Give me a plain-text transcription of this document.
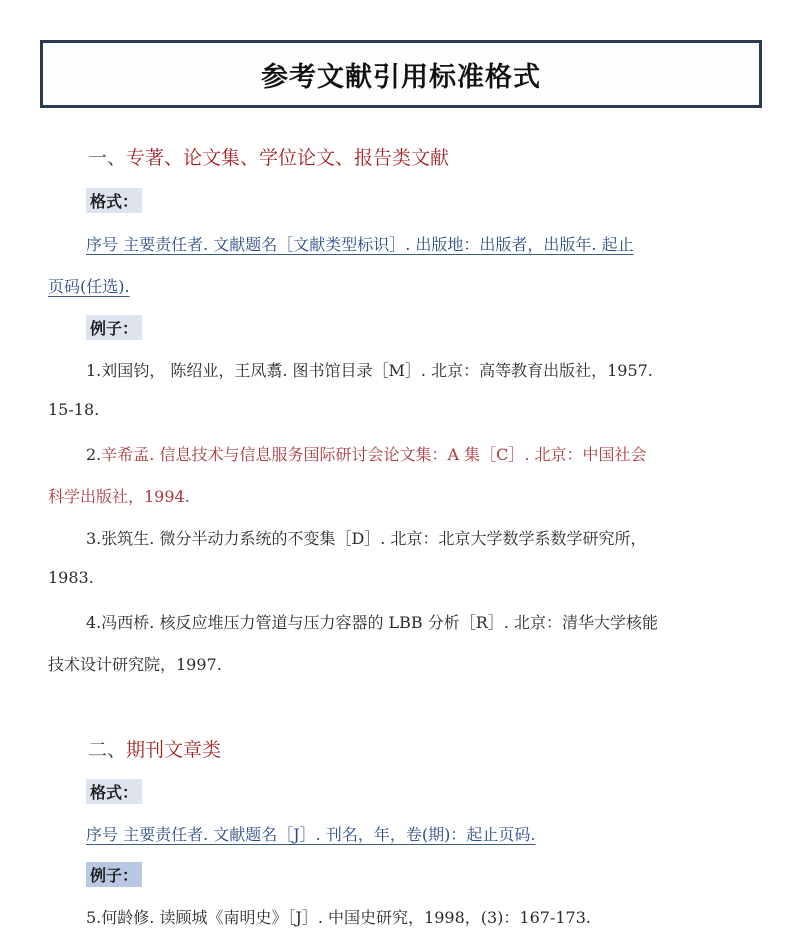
参考文献引用标准格式
一、专著、论文集、学位论文、报告类文献
格式：
序号 主要责任者. 文献题名［文献类型标识］. 出版地：出版者，出版年. 起止
页码(任选).
例子：
1.刘国钧， 陈绍业，王凤翥. 图书馆目录［M］. 北京：高等教育出版社，1957.
15-18.
2.辛希孟. 信息技术与信息服务国际研讨会论文集：A 集［C］. 北京：中国社会
科学出版社，1994.
3.张筑生. 微分半动力系统的不变集［D］. 北京：北京大学数学系数学研究所，
1983.
4.冯西桥. 核反应堆压力管道与压力容器的 LBB 分析［R］. 北京：清华大学核能
技术设计研究院，1997.
二、期刊文章类
格式：
序号 主要责任者. 文献题名［J］. 刊名，年，卷(期)：起止页码.
例子：
5.何龄修. 读顾城《南明史》［J］. 中国史研究，1998，(3)：167-173.
